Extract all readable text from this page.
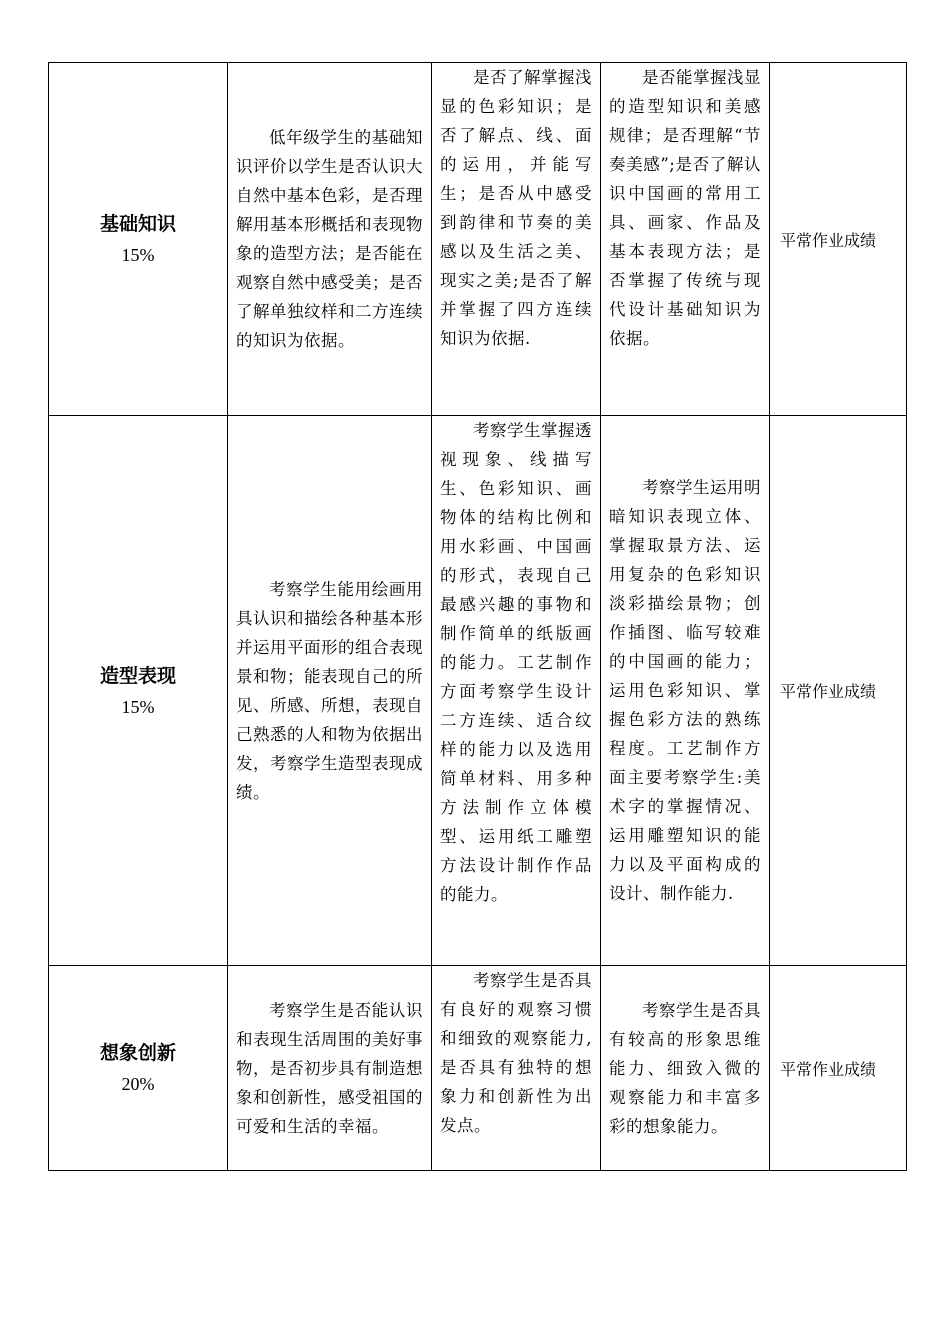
基础知识
15%	低年级学生的基础知识评价以学生是否认识大自然中基本色彩，是否理解用基本形概括和表现物象的造型方法；是否能在观察自然中感受美；是否了解单独纹样和二方连续的知识为依据。	是否了解掌握浅显的色彩知识；是否了解点、线、面的运用，并能写生；是否从中感受到韵律和节奏的美感以及生活之美、现实之美;是否了解并掌握了四方连续知识为依据.	是否能掌握浅显的造型知识和美感规律；是否理解“节奏美感”;是否了解认识中国画的常用工具、画家、作品及基本表现方法；是否掌握了传统与现代设计基础知识为依据。	平常作业成绩

造型表现
15%	考察学生能用绘画用具认识和描绘各种基本形并运用平面形的组合表现景和物；能表现自己的所见、所感、所想，表现自己熟悉的人和物为依据出发，考察学生造型表现成绩。	考察学生掌握透视现象、线描写生、色彩知识、画物体的结构比例和用水彩画、中国画的形式，表现自己最感兴趣的事物和制作简单的纸版画的能力。工艺制作方面考察学生设计二方连续、适合纹样的能力以及选用简单材料、用多种方法制作立体模型、运用纸工雕塑方法设计制作作品的能力。	考察学生运用明暗知识表现立体、掌握取景方法、运用复杂的色彩知识淡彩描绘景物；创作插图、临写较难的中国画的能力；运用色彩知识、掌握色彩方法的熟练程度。工艺制作方面主要考察学生:美术字的掌握情况、运用雕塑知识的能力以及平面构成的设计、制作能力.	平常作业成绩

想象创新
20%	考察学生是否能认识和表现生活周围的美好事物，是否初步具有制造想象和创新性，感受祖国的可爱和生活的幸福。	考察学生是否具有良好的观察习惯和细致的观察能力,是否具有独特的想象力和创新性为出发点。	考察学生是否具有较高的形象思维能力、细致入微的观察能力和丰富多彩的想象能力。	平常作业成绩
